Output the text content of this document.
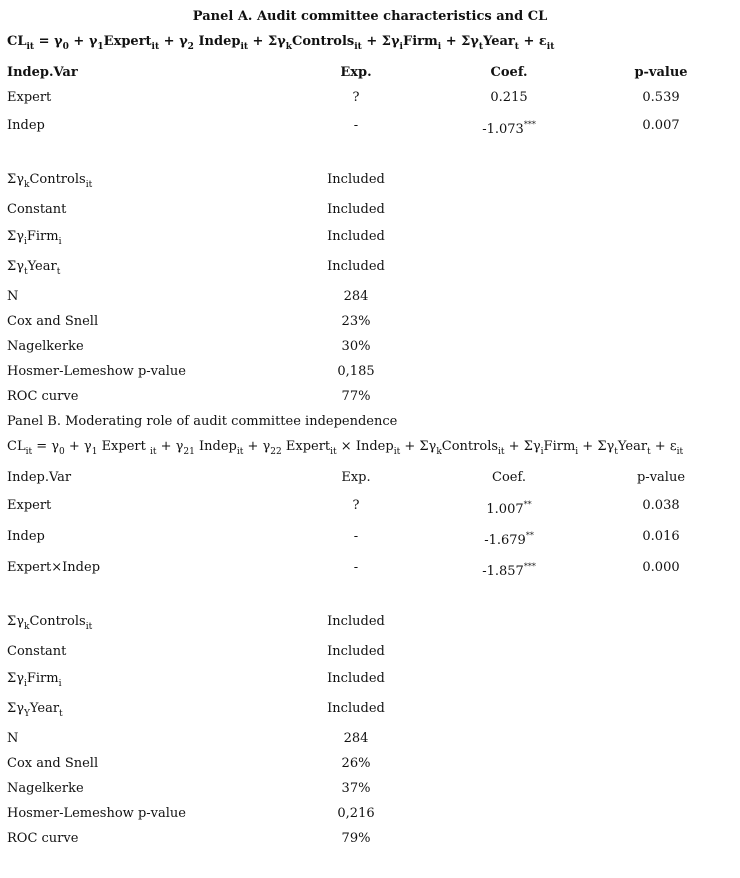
Panel A. Audit committee characteristics and CL
$CL_{it} = \gamma_0$ + $\gamma_1Expert_{it} + \gamma_2$ Indep$_{it}$ + $\Sigma\gamma_kControls_{it}$ + $\Sigma\gamma_iFirm_i$ + $\Sigma\gamma_tYear_t + \varepsilon_{it}$
Indep.Var	Exp.	Coef.	p-value
Expert	?	0.215	0.539
Indep	-	-1.073***	0.007
$\Sigma\gamma_kControls_{it}$	Included
Constant	Included
$\Sigma\gamma_iFirm_i$	Included
$\Sigma\gamma_tYear_t$	Included
N	284
Cox and Snell	23%
Nagelkerke	30%
Hosmer-Lemeshow p-value	0,185
ROC curve	77%
Panel B. Moderating role of audit committee independence
$CL_{it} = \gamma_0 + \gamma_1$ Expert $_{it} + \gamma_{21}$ Indep$_{it}$ + $\gamma_{22}$ Expert$_{it}$ × Indep$_{it}$ + $\Sigma\gamma_kControls_{it}$ + $\Sigma\gamma_iFirm_i$ + $\Sigma\gamma_tYear_t + \varepsilon_{it}$
Indep.Var	Exp.	Coef.	p-value
Expert	?	1.007**	0.038
Indep	-	-1.679**	0.016
Expert×Indep	-	-1.857***	0.000
$\Sigma\gamma_kControls_{it}$	Included
Constant	Included
$\Sigma\gamma_iFirm_i$	Included
$\Sigma\gamma_YYear_t$	Included
N	284
Cox and Snell	26%
Nagelkerke	37%
Hosmer-Lemeshow p-value	0,216
ROC curve	79%
